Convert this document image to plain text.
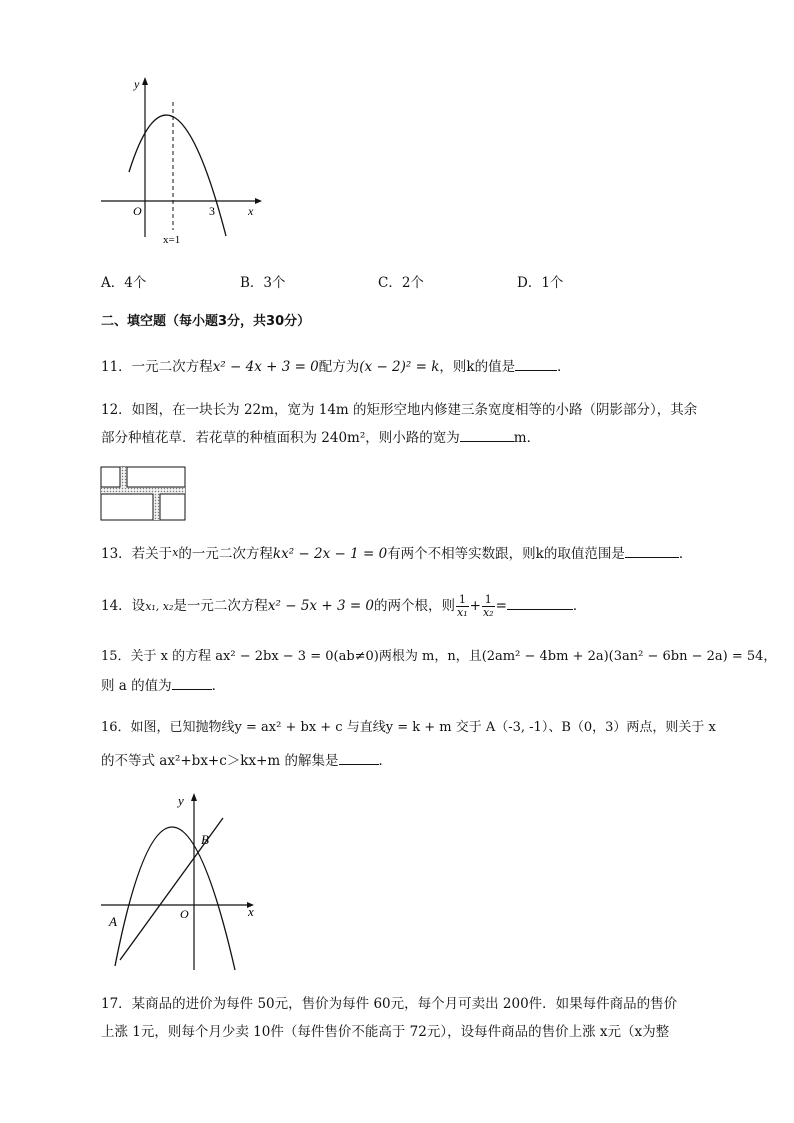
y
x
O	3
x=1
A．4个	B．3个	C．2个	D．1个
二、填空题（每小题3分，共30分）
11．一元二次方程x² − 4x + 3 = 0配方为(x − 2)² = k，则k的值是	．
12．如图，在一块长为 22m，宽为 14m 的矩形空地内修建三条宽度相等的小路（阴影部分），其余
部分种植花草．若花草的种植面积为 240m²，则小路的宽为	m．
13．若关于x的一元二次方程kx² − 2x − 1 = 0有两个不相等实数跟，则k的取值范围是	．
14．设x₁, x₂是一元二次方程x² − 5x + 3 = 0的两个根，则 $\frac{1}{\text{x₁}} + \frac{1}{\text{x₂}}$ =	．
15．关于 x 的方程 ax² − 2bx − 3 = 0(ab≠0)两根为 m，n，且(2am² − 4bm + 2a)(3an² − 6bn − 2a) = 54，
则 a 的值为	．
16．如图，已知抛物线y = ax² + bx + c 与直线y = k + m 交于 A（-3, -1）、B（0，3）两点，则关于 x
的不等式 ax²+bx+c＞kx+m 的解集是	．
y
x
O
A
B
17．某商品的进价为每件 50元，售价为每件 60元，每个月可卖出 200件．如果每件商品的售价
上涨 1元，则每个月少卖 10件（每件售价不能高于 72元），设每件商品的售价上涨 x元（x为整
